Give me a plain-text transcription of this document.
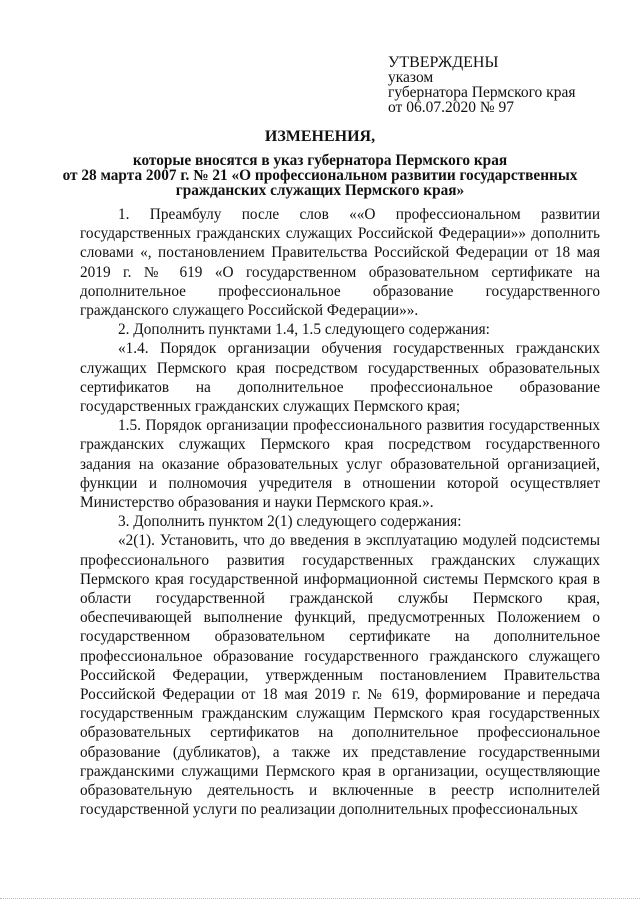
УТВЕРЖДЕНЫ
указом
губернатора Пермского края
от 06.07.2020 № 97
ИЗМЕНЕНИЯ,
которые вносятся в указ губернатора Пермского края
от 28 марта 2007 г. № 21 «О профессиональном развитии государственных
гражданских служащих Пермского края»

1. Преамбулу после слов ««О профессиональном развитии государственных гражданских служащих Российской Федерации»» дополнить словами «, постановлением Правительства Российской Федерации от 18 мая 2019 г. № 619 «О государственном образовательном сертификате на дополнительное профессиональное образование государственного гражданского служащего Российской Федерации»».

2. Дополнить пунктами 1.4, 1.5 следующего содержания:

«1.4. Порядок организации обучения государственных гражданских служащих Пермского края посредством государственных образовательных сертификатов на дополнительное профессиональное образование государственных гражданских служащих Пермского края;

1.5. Порядок организации профессионального развития государственных гражданских служащих Пермского края посредством государственного задания на оказание образовательных услуг образовательной организацией, функции и полномочия учредителя в отношении которой осуществляет Министерство образования и науки Пермского края.».

3. Дополнить пунктом 2(1) следующего содержания:

«2(1). Установить, что до введения в эксплуатацию модулей подсистемы профессионального развития государственных гражданских служащих Пермского края государственной информационной системы Пермского края в области государственной гражданской службы Пермского края, обеспечивающей выполнение функций, предусмотренных Положением о государственном образовательном сертификате на дополнительное профессиональное образование государственного гражданского служащего Российской Федерации, утвержденным постановлением Правительства Российской Федерации от 18 мая 2019 г. № 619, формирование и передача государственным гражданским служащим Пермского края государственных образовательных сертификатов на дополнительное профессиональное образование (дубликатов), а также их представление государственными гражданскими служащими Пермского края в организации, осуществляющие образовательную деятельность и включенные в реестр исполнителей государственной услуги по реализации дополнительных профессиональных
